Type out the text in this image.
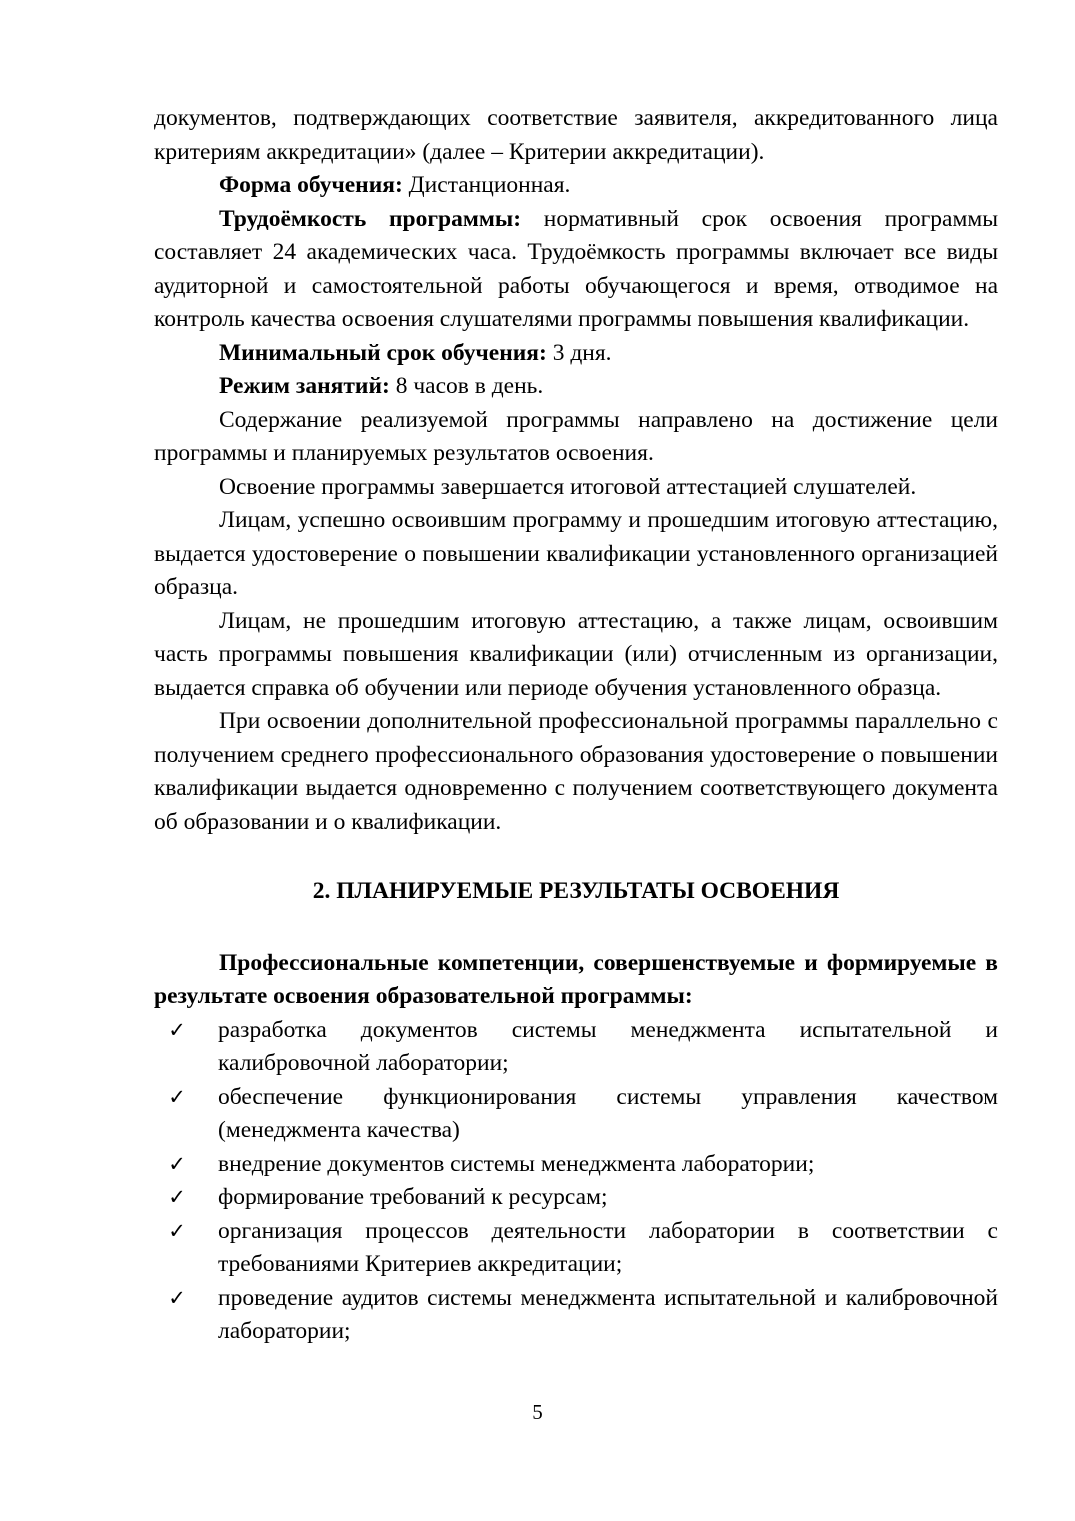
документов, подтверждающих соответствие заявителя, аккредитованного лица критериям аккредитации» (далее – Критерии аккредитации).

Форма обучения: Дистанционная.

Трудоёмкость программы: нормативный срок освоения программы составляет 24 академических часа. Трудоёмкость программы включает все виды аудиторной и самостоятельной работы обучающегося и время, отводимое на контроль качества освоения слушателями программы повышения квалификации.

Минимальный срок обучения: 3 дня.

Режим занятий: 8 часов в день.

Содержание реализуемой программы направлено на достижение цели программы и планируемых результатов освоения.

Освоение программы завершается итоговой аттестацией слушателей.

Лицам, успешно освоившим программу и прошедшим итоговую аттестацию, выдается удостоверение о повышении квалификации установленного организацией образца.

Лицам, не прошедшим итоговую аттестацию, а также лицам, освоившим часть программы повышения квалификации (или) отчисленным из организации, выдается справка об обучении или периоде обучения установленного образца.

При освоении дополнительной профессиональной программы параллельно с получением среднего профессионального образования удостоверение о повышении квалификации выдается одновременно с получением соответствующего документа об образовании и о квалификации.

2. ПЛАНИРУЕМЫЕ РЕЗУЛЬТАТЫ ОСВОЕНИЯ

Профессиональные компетенции, совершенствуемые и формируемые в результате освоения образовательной программы:

✓ разработка документов системы менеджмента испытательной и калибровочной лаборатории;
✓ обеспечение функционирования системы управления качеством (менеджмента качества)
✓ внедрение документов системы менеджмента лаборатории;
✓ формирование требований к ресурсам;
✓ организация процессов деятельности лаборатории в соответствии с требованиями Критериев аккредитации;
✓ проведение аудитов системы менеджмента испытательной и калибровочной лаборатории;
5
